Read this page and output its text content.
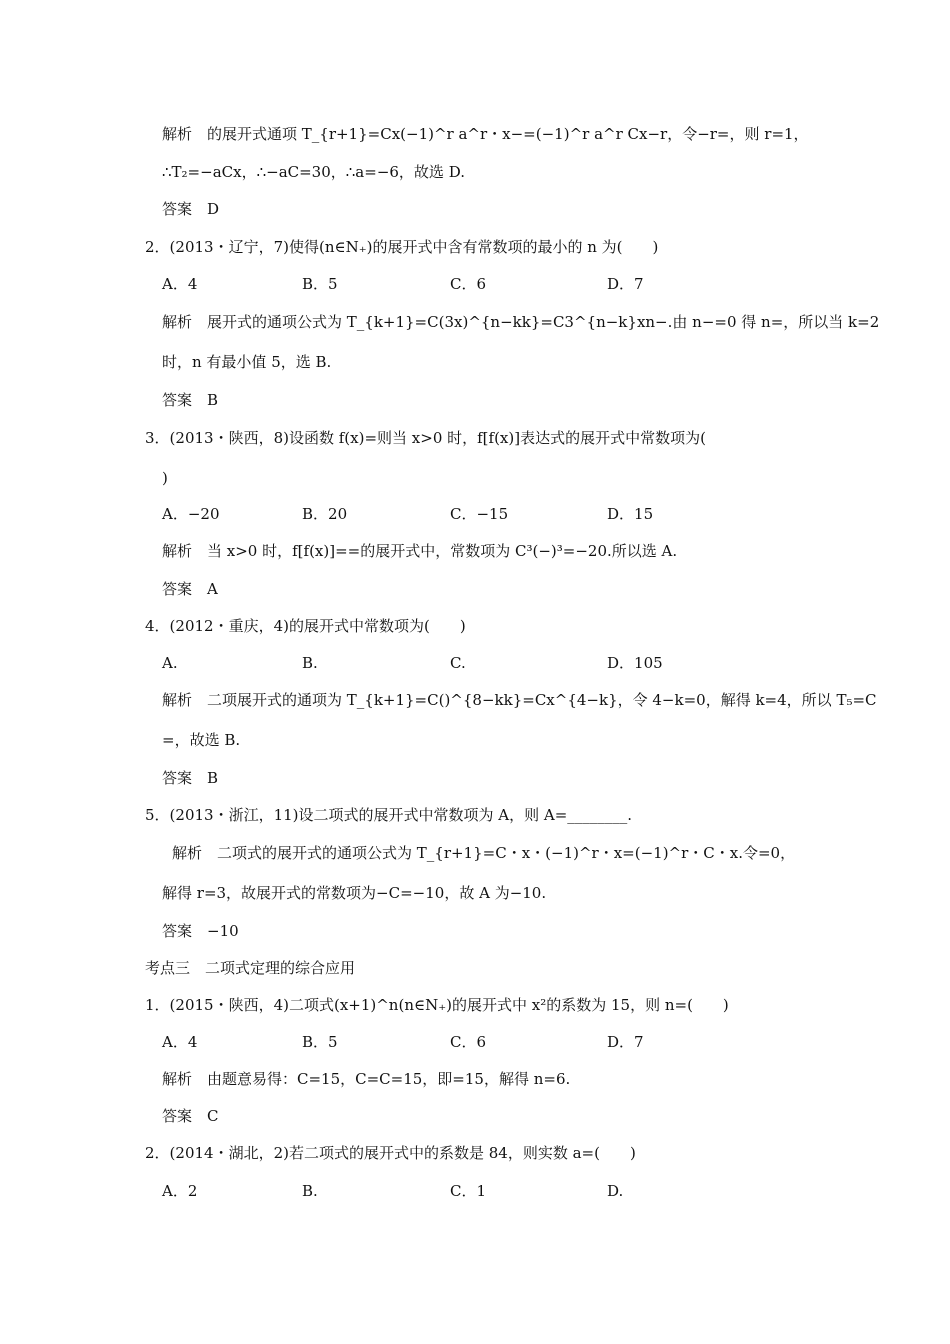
解析　的展开式通项 T_{r+1}=Cx(−1)^r a^r・x−=(−1)^r a^r Cx−r，令−r=，则 r=1，
∴T₂=−aCx，∴−aC=30，∴a=−6，故选 D.
答案　D
2．(2013・辽宁，7)使得(n∈N₊)的展开式中含有常数项的最小的 n 为(　　)
A．4	B．5	C．6	D．7
解析　展开式的通项公式为 T_{k+1}=C(3x)^{n−kk}=C3^{n−k}xn−.由 n−=0 得 n=，所以当 k=2
时，n 有最小值 5，选 B.
答案　B
3．(2013・陕西，8)设函数 f(x)=则当 x>0 时，f[f(x)]表达式的展开式中常数项为(
)
A．−20	B．20	C．−15	D．15
解析　当 x>0 时，f[f(x)]==的展开式中，常数项为 C³(−)³=−20.所以选 A.
答案　A
4．(2012・重庆，4)的展开式中常数项为(　　)
A.	B.	C.	D．105
解析　二项展开式的通项为 T_{k+1}=C()^{8−kk}=Cx^{4−k}，令 4−k=0，解得 k=4，所以 T₅=C
=，故选 B.
答案　B
5．(2013・浙江，11)设二项式的展开式中常数项为 A，则 A=________.
解析　二项式的展开式的通项公式为 T_{r+1}=C・x・(−1)^r・x=(−1)^r・C・x.令=0，
解得 r=3，故展开式的常数项为−C=−10，故 A 为−10.
答案　−10
考点三　二项式定理的综合应用
1．(2015・陕西，4)二项式(x+1)^n(n∈N₊)的展开式中 x²的系数为 15，则 n=(　　)
A．4	B．5	C．6	D．7
解析　由题意易得：C=15，C=C=15，即=15，解得 n=6.
答案　C
2．(2014・湖北，2)若二项式的展开式中的系数是 84，则实数 a=(　　)
A．2	B.	C．1	D.
